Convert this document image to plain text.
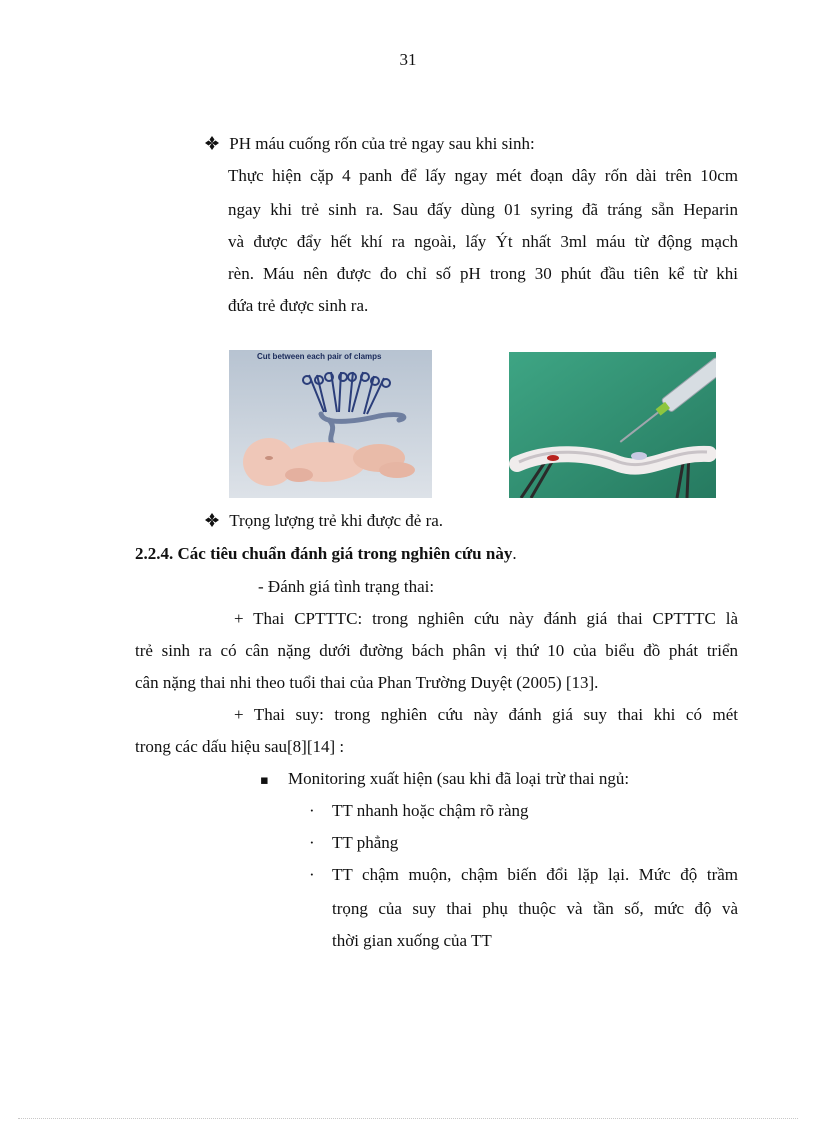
31
PH máu cuống rốn của trẻ ngay sau khi sinh:
Thực hiện cặp 4 panh để lấy ngay mét đoạn dây rốn dài trên 10cm
ngay khi trẻ sinh ra. Sau đấy dùng 01 syring đã tráng sẵn Heparin
và được đẩy hết khí ra ngoài, lấy Ýt nhất 3ml máu từ động mạch
rèn. Máu nên được đo chỉ số pH trong 30 phút đầu tiên kể từ khi
đứa trẻ được sinh ra.
Cut between each pair of clamps
Trọng lượng trẻ khi được đẻ ra.
2.2.4. Các tiêu chuẩn đánh giá trong nghiên cứu này.
- Đánh giá tình trạng thai:
+ Thai CPTTTC: trong nghiên cứu này đánh giá thai CPTTTC là
trẻ sinh ra có cân nặng dưới đường bách phân vị thứ 10 của biểu đồ phát triển
cân nặng thai nhi theo tuổi thai của Phan Trường Duyệt (2005) [13].
+ Thai suy: trong nghiên cứu này đánh giá suy thai khi có mét
trong các dấu hiệu sau[8][14] :
▪ Monitoring xuất hiện (sau khi đã loại trừ thai ngủ:
· TT nhanh hoặc chậm rõ ràng
· TT phẳng
· TT chậm muộn, chậm biến đổi lặp lại. Mức độ trầm
trọng của suy thai phụ thuộc và tần số, mức độ và
thời gian xuống của TT
